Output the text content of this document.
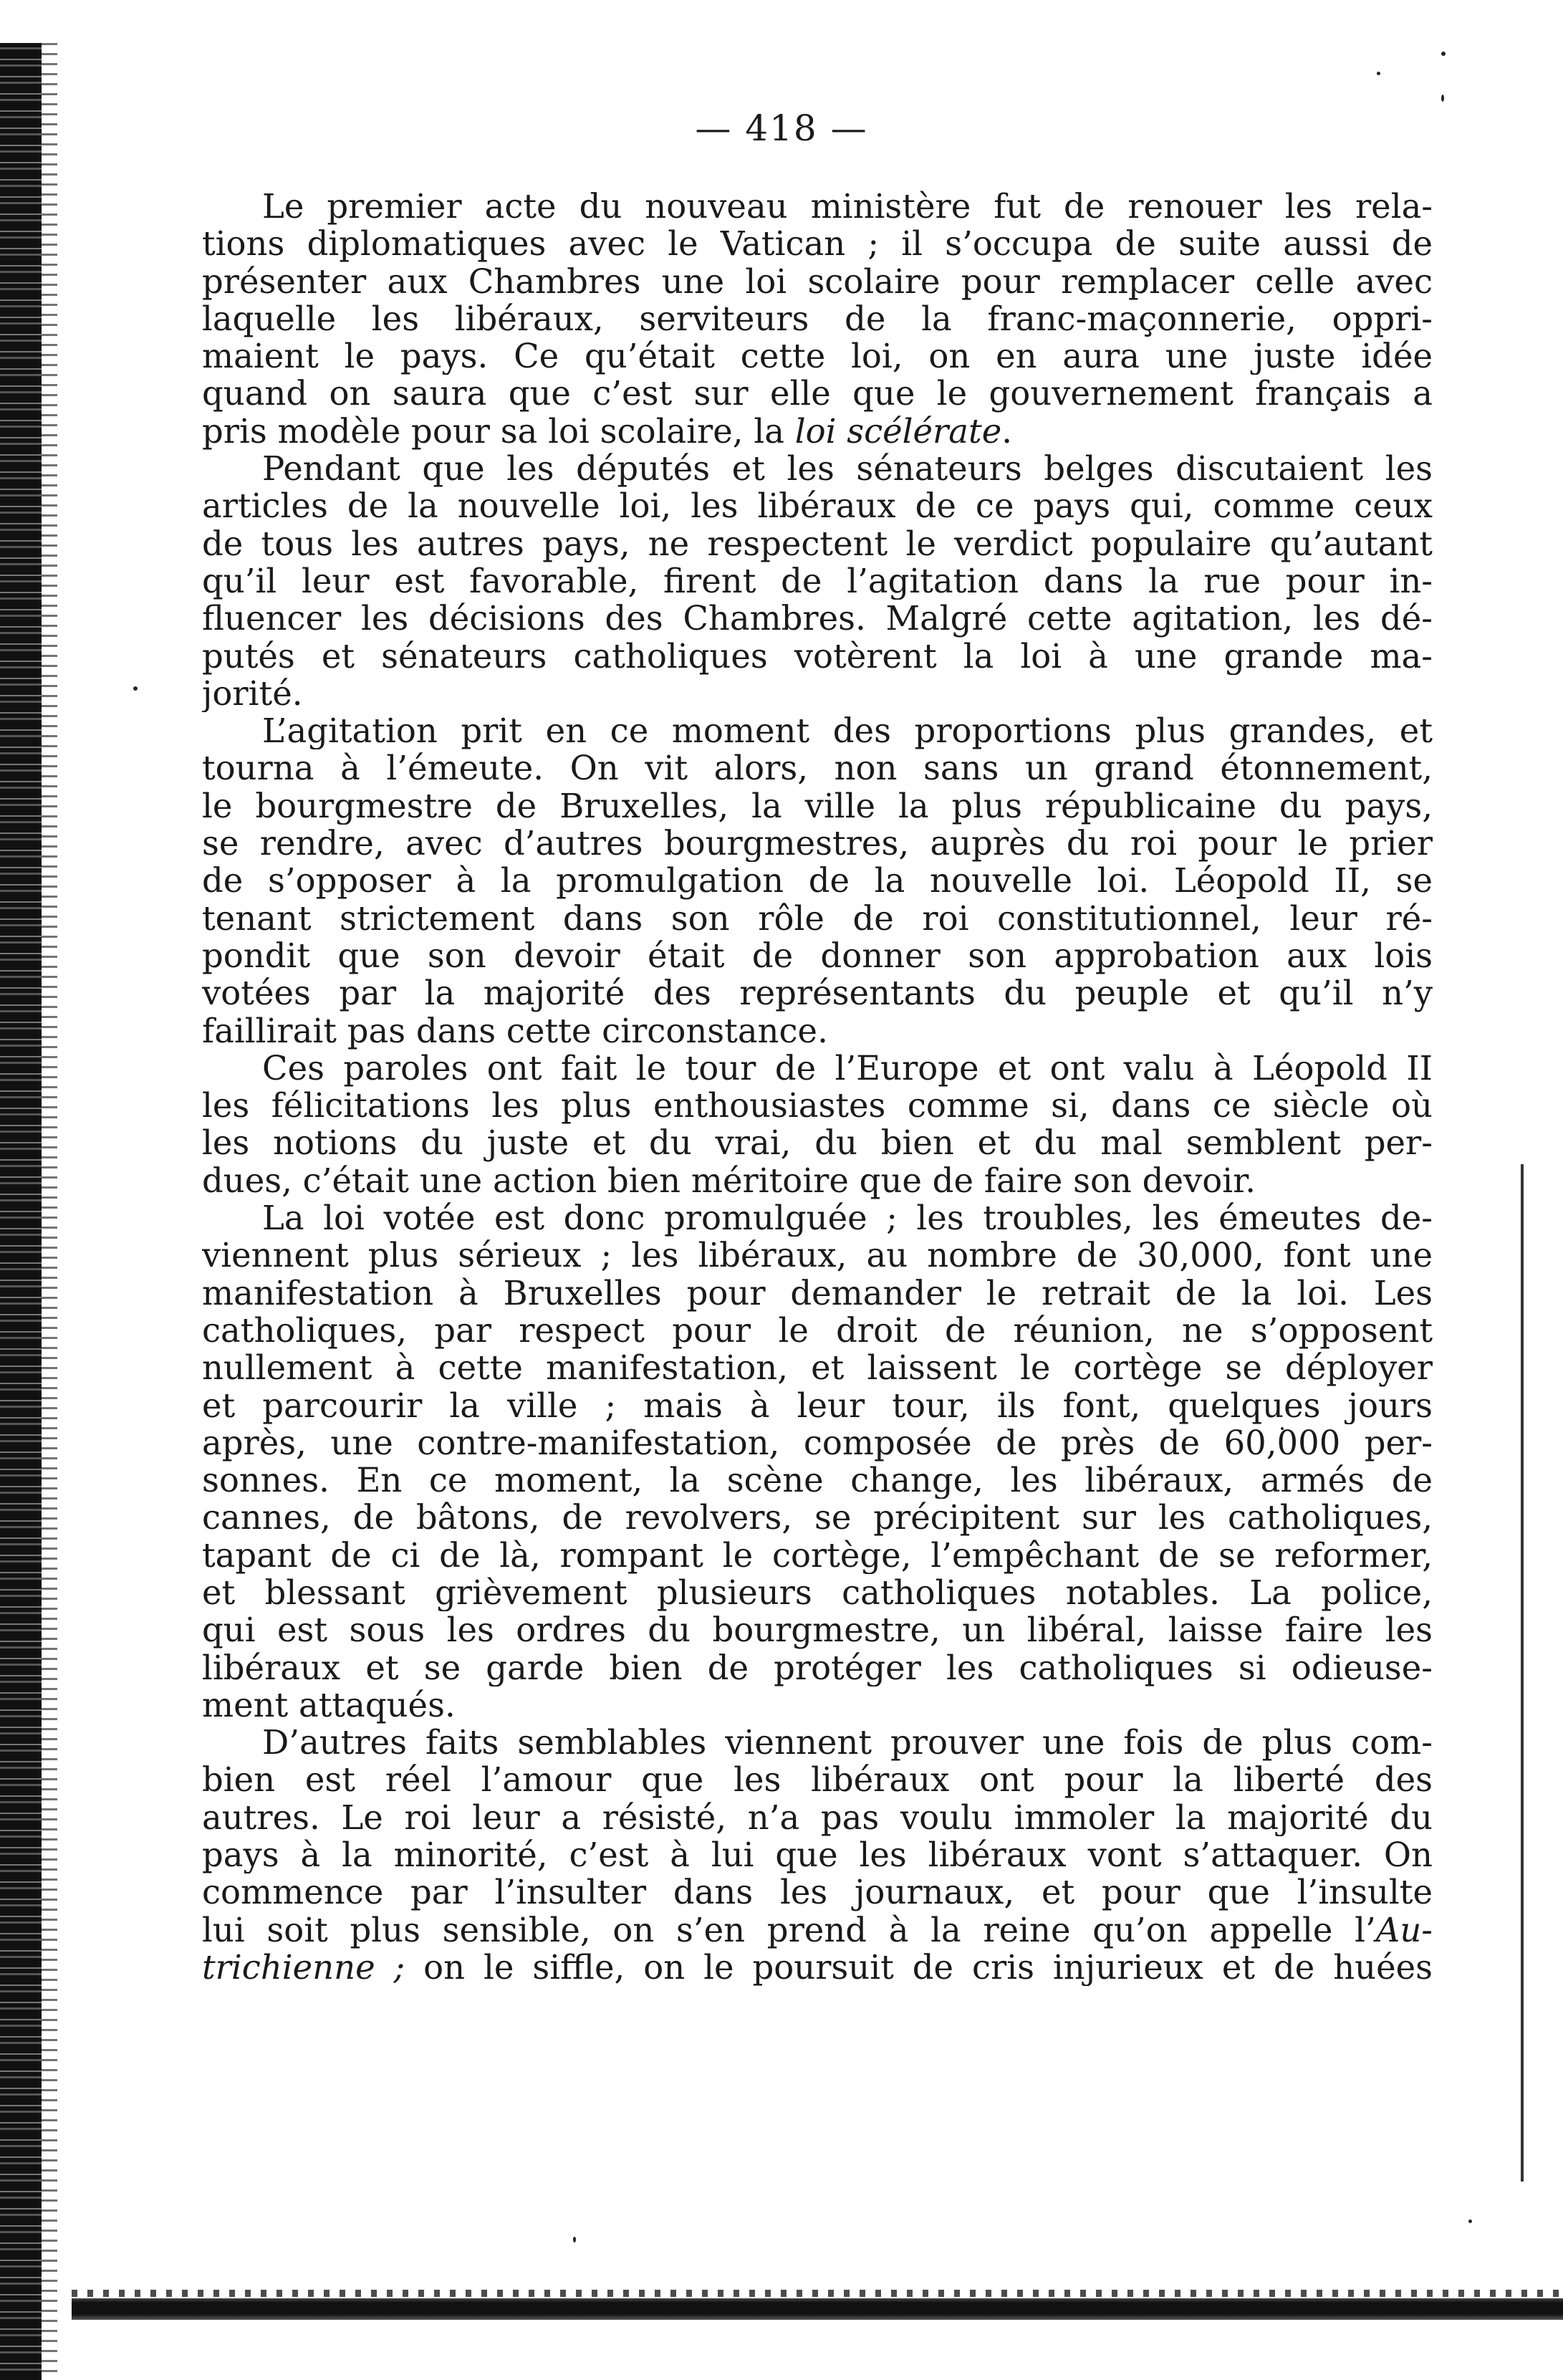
— 418 —
Le premier acte du nouveau ministère fut de renouer les rela-
tions diplomatiques avec le Vatican ; il s’occupa de suite aussi de
présenter aux Chambres une loi scolaire pour remplacer celle avec
laquelle les libéraux, serviteurs de la franc-maçonnerie, oppri-
maient le pays. Ce qu’était cette loi, on en aura une juste idée
quand on saura que c’est sur elle que le gouvernement français a
pris modèle pour sa loi scolaire, la loi scélérate.
Pendant que les députés et les sénateurs belges discutaient les
articles de la nouvelle loi, les libéraux de ce pays qui, comme ceux
de tous les autres pays, ne respectent le verdict populaire qu’autant
qu’il leur est favorable, firent de l’agitation dans la rue pour in-
fluencer les décisions des Chambres. Malgré cette agitation, les dé-
putés et sénateurs catholiques votèrent la loi à une grande ma-
jorité.
L’agitation prit en ce moment des proportions plus grandes, et
tourna à l’émeute. On vit alors, non sans un grand étonnement,
le bourgmestre de Bruxelles, la ville la plus républicaine du pays,
se rendre, avec d’autres bourgmestres, auprès du roi pour le prier
de s’opposer à la promulgation de la nouvelle loi. Léopold II, se
tenant strictement dans son rôle de roi constitutionnel, leur ré-
pondit que son devoir était de donner son approbation aux lois
votées par la majorité des représentants du peuple et qu’il n’y
faillirait pas dans cette circonstance.
Ces paroles ont fait le tour de l’Europe et ont valu à Léopold II
les félicitations les plus enthousiastes comme si, dans ce siècle où
les notions du juste et du vrai, du bien et du mal semblent per-
dues, c’était une action bien méritoire que de faire son devoir.
La loi votée est donc promulguée ; les troubles, les émeutes de-
viennent plus sérieux ; les libéraux, au nombre de 30,000, font une
manifestation à Bruxelles pour demander le retrait de la loi. Les
catholiques, par respect pour le droit de réunion, ne s’opposent
nullement à cette manifestation, et laissent le cortège se déployer
et parcourir la ville ; mais à leur tour, ils font, quelques jours
après, une contre-manifestation, composée de près de 60,000 per-
sonnes. En ce moment, la scène change, les libéraux, armés de
cannes, de bâtons, de revolvers, se précipitent sur les catholiques,
tapant de ci de là, rompant le cortège, l’empêchant de se reformer,
et blessant grièvement plusieurs catholiques notables. La police,
qui est sous les ordres du bourgmestre, un libéral, laisse faire les
libéraux et se garde bien de protéger les catholiques si odieuse-
ment attaqués.
D’autres faits semblables viennent prouver une fois de plus com-
bien est réel l’amour que les libéraux ont pour la liberté des
autres. Le roi leur a résisté, n’a pas voulu immoler la majorité du
pays à la minorité, c’est à lui que les libéraux vont s’attaquer. On
commence par l’insulter dans les journaux, et pour que l’insulte
lui soit plus sensible, on s’en prend à la reine qu’on appelle l’Au-
trichienne ; on le siffle, on le poursuit de cris injurieux et de huées
